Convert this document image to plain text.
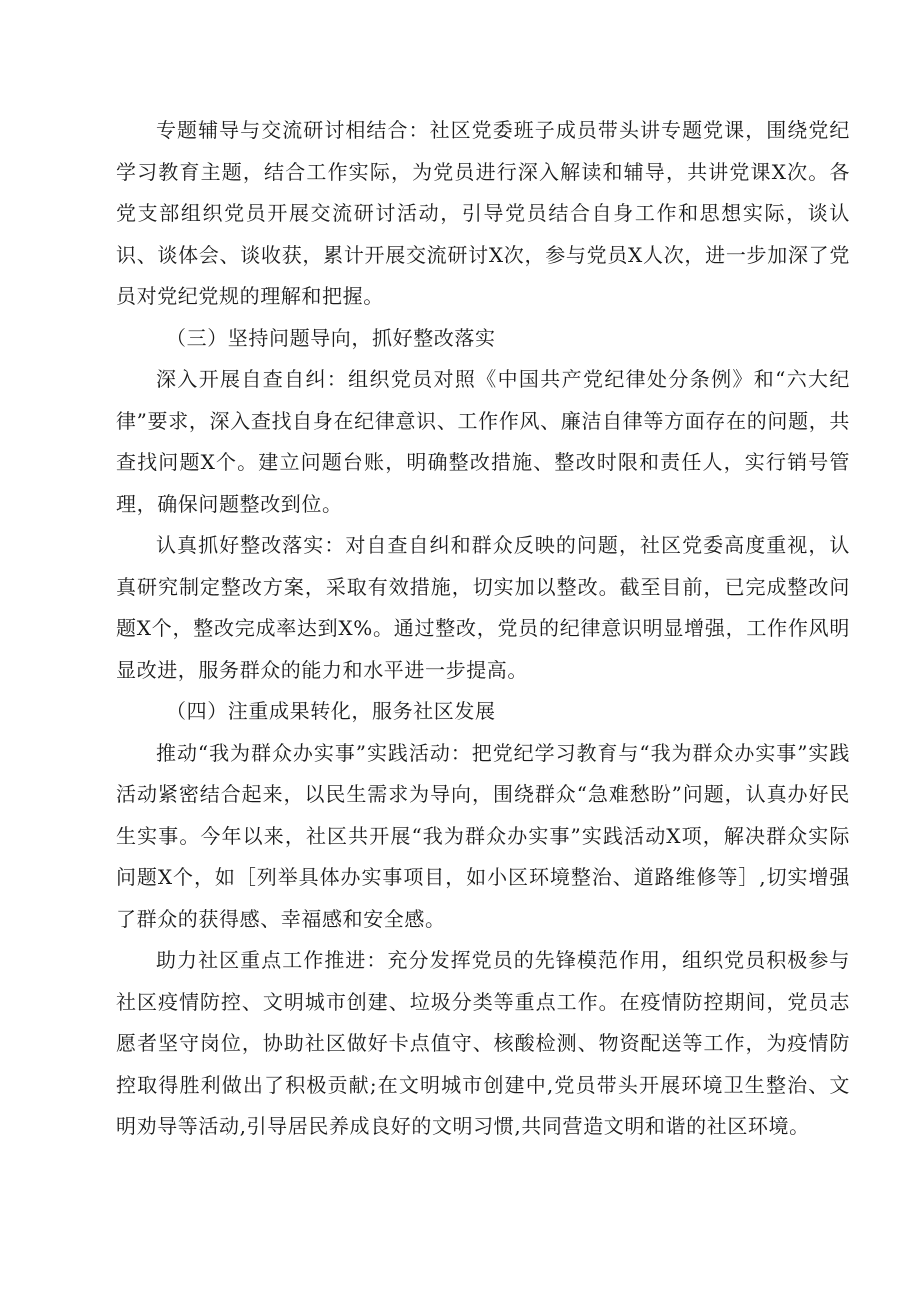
专题辅导与交流研讨相结合：社区党委班子成员带头讲专题党课，围绕党纪学习教育主题，结合工作实际，为党员进行深入解读和辅导，共讲党课X次。各党支部组织党员开展交流研讨活动，引导党员结合自身工作和思想实际，谈认识、谈体会、谈收获，累计开展交流研讨X次，参与党员X人次，进一步加深了党员对党纪党规的理解和把握。

（三）坚持问题导向，抓好整改落实

深入开展自查自纠：组织党员对照《中国共产党纪律处分条例》和“六大纪律”要求，深入查找自身在纪律意识、工作作风、廉洁自律等方面存在的问题，共查找问题X个。建立问题台账，明确整改措施、整改时限和责任人，实行销号管理，确保问题整改到位。

认真抓好整改落实：对自查自纠和群众反映的问题，社区党委高度重视，认真研究制定整改方案，采取有效措施，切实加以整改。截至目前，已完成整改问题X个，整改完成率达到X%。通过整改，党员的纪律意识明显增强，工作作风明显改进，服务群众的能力和水平进一步提高。

（四）注重成果转化，服务社区发展

推动“我为群众办实事”实践活动：把党纪学习教育与“我为群众办实事”实践活动紧密结合起来，以民生需求为导向，围绕群众“急难愁盼”问题，认真办好民生实事。今年以来，社区共开展“我为群众办实事”实践活动X项，解决群众实际问题X个，如［列举具体办实事项目，如小区环境整治、道路维修等］,切实增强了群众的获得感、幸福感和安全感。

助力社区重点工作推进：充分发挥党员的先锋模范作用，组织党员积极参与社区疫情防控、文明城市创建、垃圾分类等重点工作。在疫情防控期间，党员志愿者坚守岗位，协助社区做好卡点值守、核酸检测、物资配送等工作，为疫情防控取得胜利做出了积极贡献;在文明城市创建中,党员带头开展环境卫生整治、文明劝导等活动,引导居民养成良好的文明习惯,共同营造文明和谐的社区环境。
